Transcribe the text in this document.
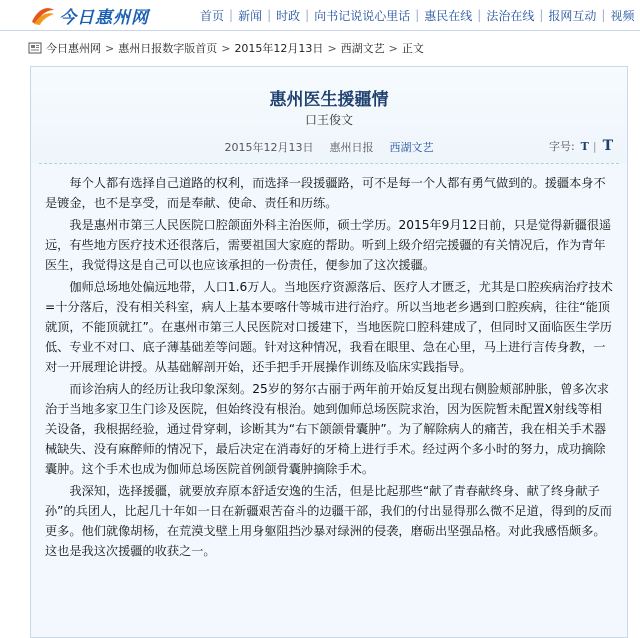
今日惠州网	首页 | 新闻 | 时政 | 向书记说说心里话 | 惠民在线 | 法治在线 | 报网互动 | 视频
今日惠州网 > 惠州日报数字版首页 > 2015年12月13日 > 西湖文艺 > 正文
惠州医生援疆情
口王俊文
2015年12月13日 惠州日报 西湖文艺	字号: T | T

每个人都有选择自己道路的权利，而选择一段援疆路，可不是每一个人都有勇气做到的。援疆本身不是镀金，也不是享受，而是奉献、使命、责任和历练。

我是惠州市第三人民医院口腔颌面外科主治医师，硕士学历。2015年9月12日前，只是觉得新疆很遥远，有些地方医疗技术还很落后，需要祖国大家庭的帮助。听到上级介绍完援疆的有关情况后，作为青年医生，我觉得这是自己可以也应该承担的一份责任，便参加了这次援疆。

伽师总场地处偏远地带，人口1.6万人。当地医疗资源落后、医疗人才匮乏，尤其是口腔疾病治疗技术=十分落后，没有相关科室，病人上基本要喀什等城市进行治疗。所以当地老乡遇到口腔疾病，往往“能顶就顶，不能顶就扛”。在惠州市第三人民医院对口援建下，当地医院口腔科建成了，但同时又面临医生学历低、专业不对口、底子薄基础差等问题。针对这种情况，我看在眼里、急在心里，马上进行言传身教，一对一开展理论讲授。从基础解剖开始，还手把手开展操作训练及临床实践指导。

而诊治病人的经历让我印象深刻。25岁的努尔古丽于两年前开始反复出现右侧脸颊部肿胀，曾多次求治于当地多家卫生门诊及医院，但始终没有根治。她到伽师总场医院求治，因为医院暂未配置X射线等相关设备，我根据经验，通过骨穿刺，诊断其为“右下颌颌骨囊肿”。为了解除病人的痛苦，我在相关手术器械缺失、没有麻醉师的情况下，最后决定在消毒好的牙椅上进行手术。经过两个多小时的努力，成功摘除囊肿。这个手术也成为伽师总场医院首例颌骨囊肿摘除手术。

我深知，选择援疆，就要放弃原本舒适安逸的生活，但是比起那些“献了青春献终身、献了终身献子孙”的兵团人，比起几十年如一日在新疆艰苦奋斗的边疆干部，我们的付出显得那么微不足道，得到的反而更多。他们就像胡杨，在荒漠戈壁上用身躯阻挡沙暴对绿洲的侵袭，磨砺出坚强品格。对此我感悟颇多。这也是我这次援疆的收获之一。
